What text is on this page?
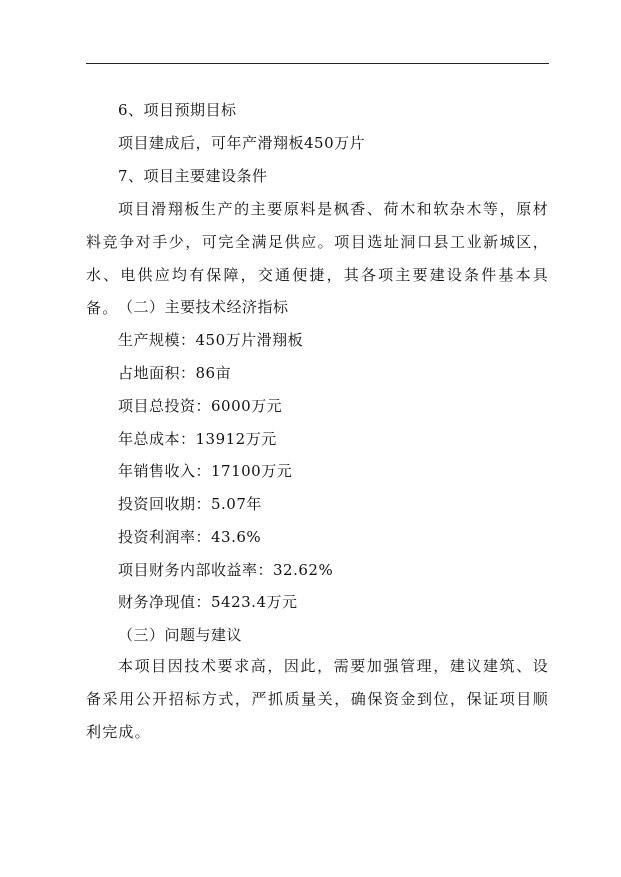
6、项目预期目标
项目建成后，可年产滑翔板450万片
7、项目主要建设条件

项目滑翔板生产的主要原料是枫香、荷木和软杂木等，原材料竞争对手少，可完全满足供应。项目选址洞口县工业新城区，水、电供应均有保障，交通便捷，其各项主要建设条件基本具备。 （二）主要技术经济指标
生产规模：450万片滑翔板
占地面积：86亩
项目总投资：6000万元
年总成本：13912万元
年销售收入：17100万元
投资回收期：5.07年
投资利润率：43.6%
项目财务内部收益率：32.62%
财务净现值：5423.4万元
（三）问题与建议

本项目因技术要求高，因此，需要加强管理，建议建筑、设备采用公开招标方式，严抓质量关，确保资金到位，保证项目顺利完成。
